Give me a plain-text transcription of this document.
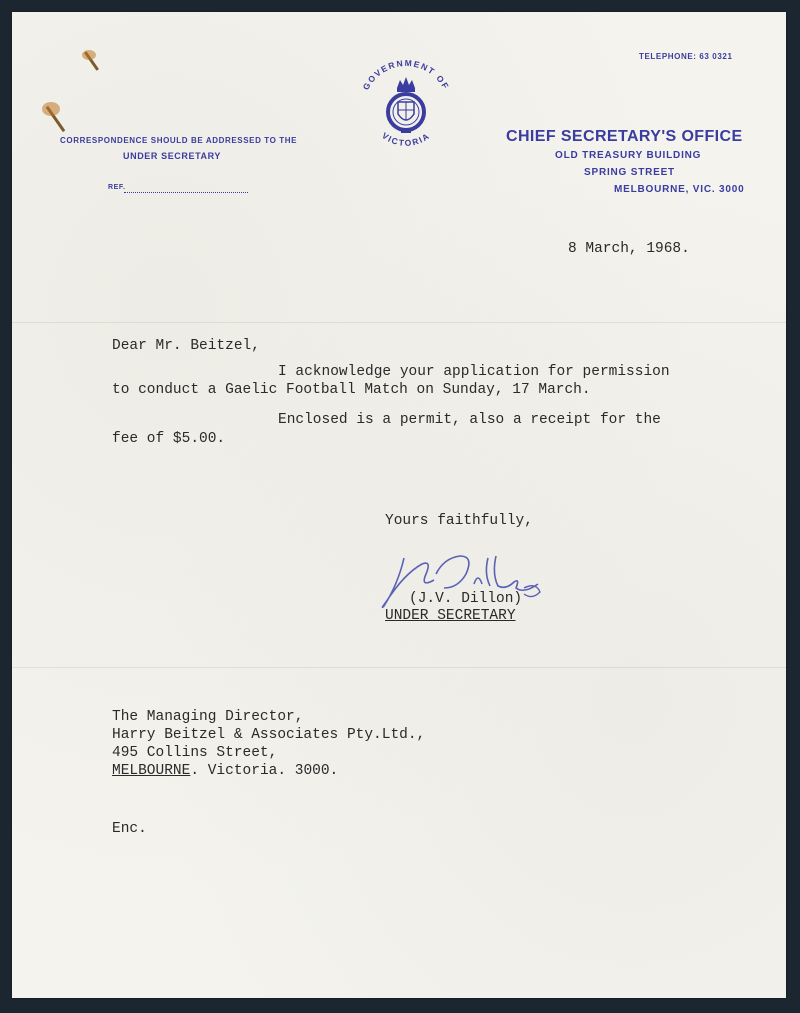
TELEPHONE: 63 0321
CORRESPONDENCE SHOULD BE ADDRESSED TO THE
UNDER SECRETARY
REF.
GOVERNMENT OF
VICTORIA	CHIEF SECRETARY'S OFFICE
OLD TREASURY BUILDING
SPRING STREET
MELBOURNE, VIC. 3000
8 March, 1968.
Dear Mr. Beitzel,
I acknowledge your application for permission
to conduct a Gaelic Football Match on Sunday, 17 March.
Enclosed is a permit, also a receipt for the
fee of $5.00.
Yours faithfully,
(J.V. Dillon)
UNDER SECRETARY
The Managing Director,
Harry Beitzel & Associates Pty.Ltd.,
495 Collins Street,
MELBOURNE. Victoria. 3000.
Enc.
